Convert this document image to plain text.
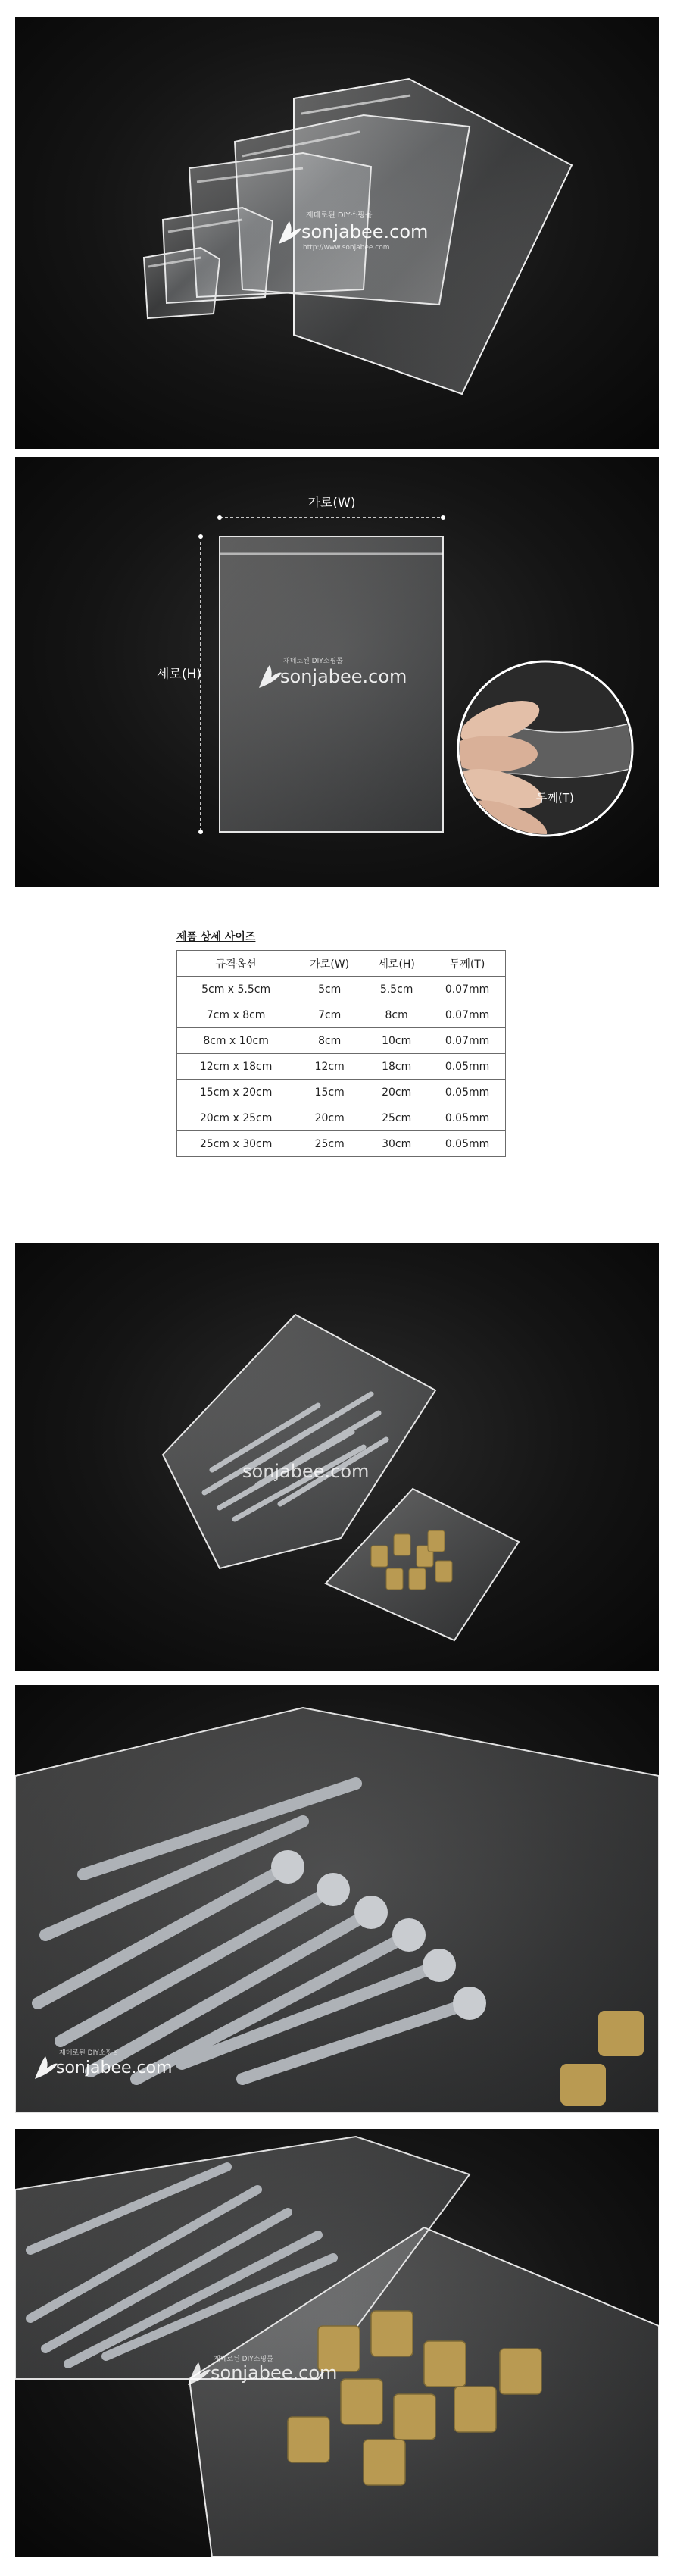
재테로된 DIY소핑몰
sonjabee.com
http://www.sonjabee.com
가로(W)
세로(H)
재테로된 DIY소핑몰
sonjabee.com
두께(T)
제품 상세 사이즈
규격옵션	가로(W)	세로(H)	두께(T)
5cm x 5.5cm	5cm	5.5cm	0.07mm
7cm x 8cm	7cm	8cm	0.07mm
8cm x 10cm	8cm	10cm	0.07mm
12cm x 18cm	12cm	18cm	0.05mm
15cm x 20cm	15cm	20cm	0.05mm
20cm x 25cm	20cm	25cm	0.05mm
25cm x 30cm	25cm	30cm	0.05mm
sonjabee.com
재테로된 DIY소핑몰
sonjabee.com
재테로된 DIY소핑몰
sonjabee.com
